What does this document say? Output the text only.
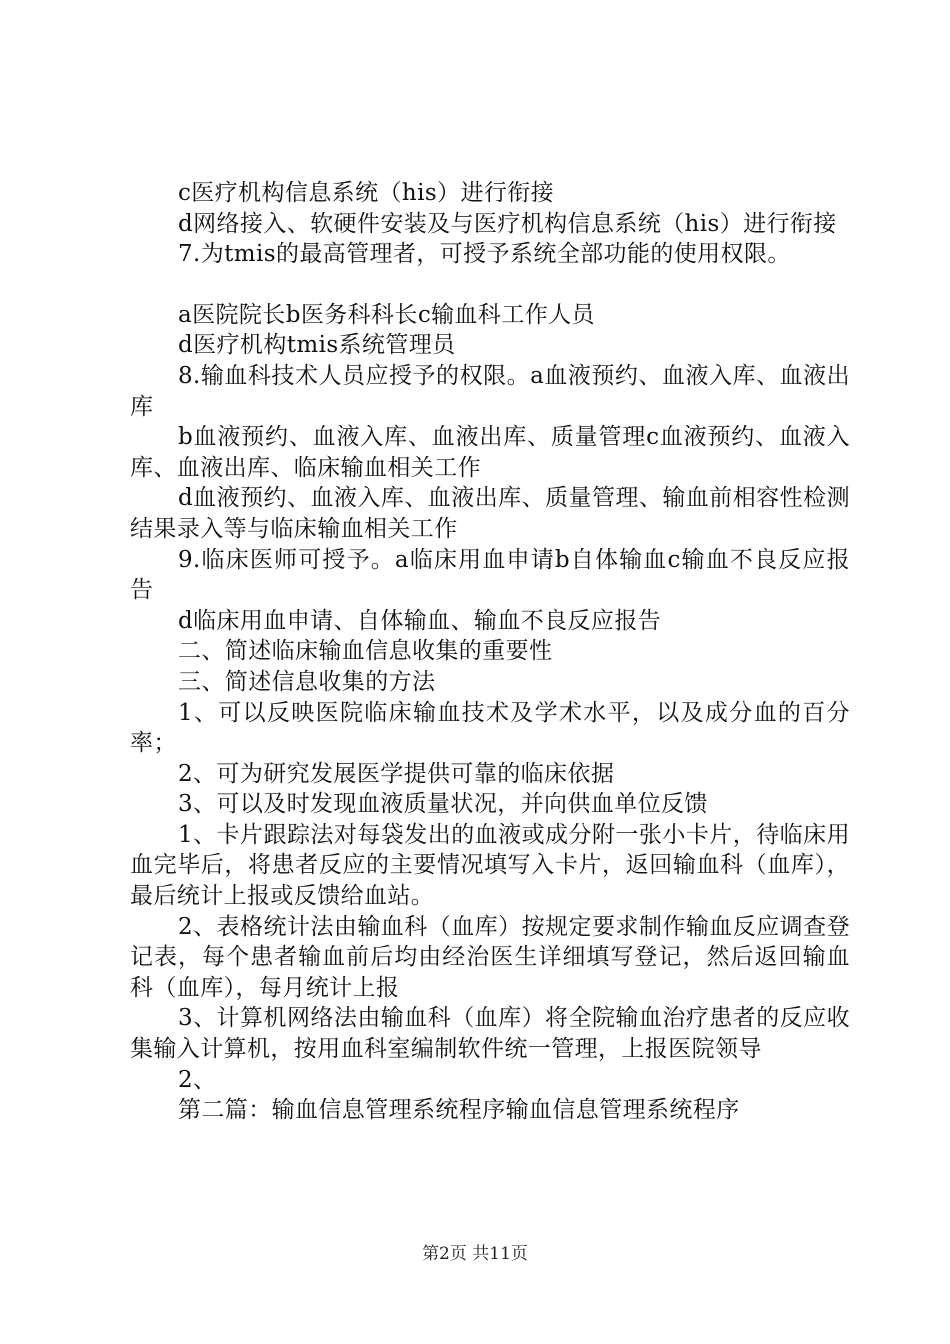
c医疗机构信息系统（his）进行衔接

d网络接入、软硬件安装及与医疗机构信息系统（his）进行衔接

7.为tmis的最高管理者，可授予系统全部功能的使用权限。

a医院院长b医务科科长c输血科工作人员

d医疗机构tmis系统管理员

8.输血科技术人员应授予的权限。a血液预约、血液入库、血液出库

b血液预约、血液入库、血液出库、质量管理c血液预约、血液入库、血液出库、临床输血相关工作

d血液预约、血液入库、血液出库、质量管理、输血前相容性检测结果录入等与临床输血相关工作

9.临床医师可授予。a临床用血申请b自体输血c输血不良反应报告

d临床用血申请、自体输血、输血不良反应报告

二、简述临床输血信息收集的重要性

三、简述信息收集的方法

1、可以反映医院临床输血技术及学术水平，以及成分血的百分率；

2、可为研究发展医学提供可靠的临床依据

3、可以及时发现血液质量状况，并向供血单位反馈

1、卡片跟踪法对每袋发出的血液或成分附一张小卡片，待临床用血完毕后，将患者反应的主要情况填写入卡片，返回输血科（血库），最后统计上报或反馈给血站。

2、表格统计法由输血科（血库）按规定要求制作输血反应调查登记表，每个患者输血前后均由经治医生详细填写登记，然后返回输血科（血库），每月统计上报

3、计算机网络法由输血科（血库）将全院输血治疗患者的反应收集输入计算机，按用血科室编制软件统一管理，上报医院领导

2、

第二篇：输血信息管理系统程序输血信息管理系统程序

第2页 共11页
